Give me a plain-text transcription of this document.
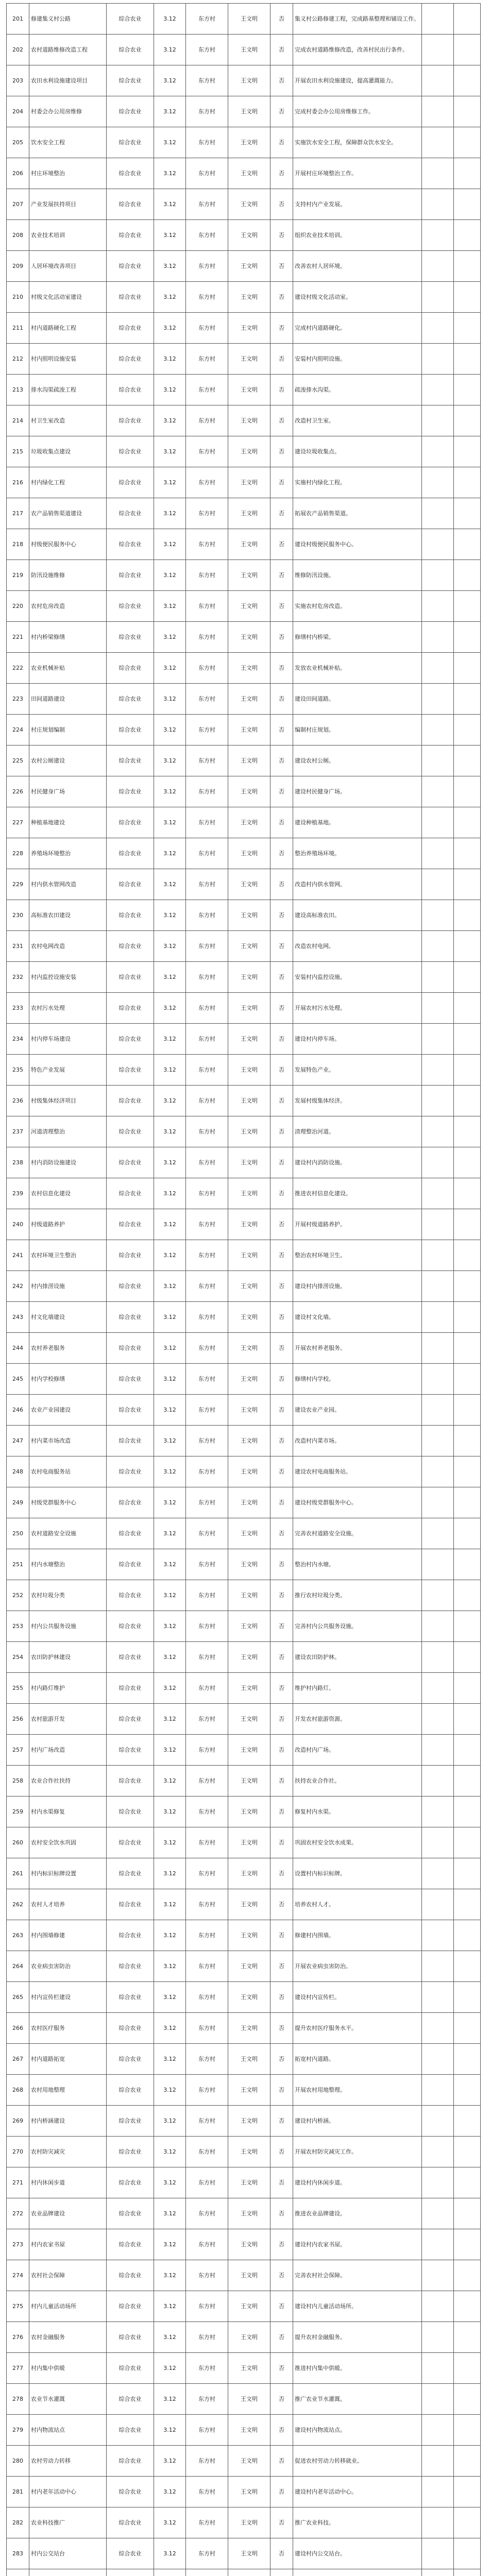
201	修建集义村公路	综合农业	3.12	东方村	王文明	否	集义村公路修建工程，完成路基整理和铺设工作。		
202	农村道路维修改造工程	综合农业	3.12	东方村	王文明	否	完成农村道路维修改造，改善村民出行条件。		
203	农田水利设施建设项目	综合农业	3.12	东方村	王文明	否	开展农田水利设施建设，提高灌溉能力。		
204	村委会办公用房维修	综合农业	3.12	东方村	王文明	否	完成村委会办公用房维修工作。		
205	饮水安全工程	综合农业	3.12	东方村	王文明	否	实施饮水安全工程，保障群众饮水安全。		
206	村庄环境整治	综合农业	3.12	东方村	王文明	否	开展村庄环境整治工作。		
207	产业发展扶持项目	综合农业	3.12	东方村	王文明	否	支持村内产业发展。		
208	农业技术培训	综合农业	3.12	东方村	王文明	否	组织农业技术培训。		
209	人居环境改善项目	综合农业	3.12	东方村	王文明	否	改善农村人居环境。		
210	村级文化活动室建设	综合农业	3.12	东方村	王文明	否	建设村级文化活动室。		
211	村内道路硬化工程	综合农业	3.12	东方村	王文明	否	完成村内道路硬化。		
212	村内照明设施安装	综合农业	3.12	东方村	王文明	否	安装村内照明设施。		
213	排水沟渠疏浚工程	综合农业	3.12	东方村	王文明	否	疏浚排水沟渠。		
214	村卫生室改造	综合农业	3.12	东方村	王文明	否	改造村卫生室。		
215	垃圾收集点建设	综合农业	3.12	东方村	王文明	否	建设垃圾收集点。		
216	村内绿化工程	综合农业	3.12	东方村	王文明	否	实施村内绿化工程。		
217	农产品销售渠道建设	综合农业	3.12	东方村	王文明	否	拓展农产品销售渠道。		
218	村级便民服务中心	综合农业	3.12	东方村	王文明	否	建设村级便民服务中心。		
219	防汛设施维修	综合农业	3.12	东方村	王文明	否	维修防汛设施。		
220	农村危房改造	综合农业	3.12	东方村	王文明	否	实施农村危房改造。		
221	村内桥梁修缮	综合农业	3.12	东方村	王文明	否	修缮村内桥梁。		
222	农业机械补贴	综合农业	3.12	东方村	王文明	否	发放农业机械补贴。		
223	田间道路建设	综合农业	3.12	东方村	王文明	否	建设田间道路。		
224	村庄规划编制	综合农业	3.12	东方村	王文明	否	编制村庄规划。		
225	农村公厕建设	综合农业	3.12	东方村	王文明	否	建设农村公厕。		
226	村民健身广场	综合农业	3.12	东方村	王文明	否	建设村民健身广场。		
227	种植基地建设	综合农业	3.12	东方村	王文明	否	建设种植基地。		
228	养殖场环境整治	综合农业	3.12	东方村	王文明	否	整治养殖场环境。		
229	村内供水管网改造	综合农业	3.12	东方村	王文明	否	改造村内供水管网。		
230	高标准农田建设	综合农业	3.12	东方村	王文明	否	建设高标准农田。		
231	农村电网改造	综合农业	3.12	东方村	王文明	否	改造农村电网。		
232	村内监控设施安装	综合农业	3.12	东方村	王文明	否	安装村内监控设施。		
233	农村污水处理	综合农业	3.12	东方村	王文明	否	开展农村污水处理。		
234	村内停车场建设	综合农业	3.12	东方村	王文明	否	建设村内停车场。		
235	特色产业发展	综合农业	3.12	东方村	王文明	否	发展特色产业。		
236	村级集体经济项目	综合农业	3.12	东方村	王文明	否	发展村级集体经济。		
237	河道清理整治	综合农业	3.12	东方村	王文明	否	清理整治河道。		
238	村内消防设施建设	综合农业	3.12	东方村	王文明	否	建设村内消防设施。		
239	农村信息化建设	综合农业	3.12	东方村	王文明	否	推进农村信息化建设。		
240	村级道路养护	综合农业	3.12	东方村	王文明	否	开展村级道路养护。		
241	农村环境卫生整治	综合农业	3.12	东方村	王文明	否	整治农村环境卫生。		
242	村内排涝设施	综合农业	3.12	东方村	王文明	否	建设村内排涝设施。		
243	村文化墙建设	综合农业	3.12	东方村	王文明	否	建设村文化墙。		
244	农村养老服务	综合农业	3.12	东方村	王文明	否	开展农村养老服务。		
245	村内学校修缮	综合农业	3.12	东方村	王文明	否	修缮村内学校。		
246	农业产业园建设	综合农业	3.12	东方村	王文明	否	建设农业产业园。		
247	村内菜市场改造	综合农业	3.12	东方村	王文明	否	改造村内菜市场。		
248	农村电商服务站	综合农业	3.12	东方村	王文明	否	建设农村电商服务站。		
249	村级党群服务中心	综合农业	3.12	东方村	王文明	否	建设村级党群服务中心。		
250	农村道路安全设施	综合农业	3.12	东方村	王文明	否	完善农村道路安全设施。		
251	村内水塘整治	综合农业	3.12	东方村	王文明	否	整治村内水塘。		
252	农村垃圾分类	综合农业	3.12	东方村	王文明	否	推行农村垃圾分类。		
253	村内公共服务设施	综合农业	3.12	东方村	王文明	否	完善村内公共服务设施。		
254	农田防护林建设	综合农业	3.12	东方村	王文明	否	建设农田防护林。		
255	村内路灯维护	综合农业	3.12	东方村	王文明	否	维护村内路灯。		
256	农村旅游开发	综合农业	3.12	东方村	王文明	否	开发农村旅游资源。		
257	村内广场改造	综合农业	3.12	东方村	王文明	否	改造村内广场。		
258	农业合作社扶持	综合农业	3.12	东方村	王文明	否	扶持农业合作社。		
259	村内水渠修复	综合农业	3.12	东方村	王文明	否	修复村内水渠。		
260	农村安全饮水巩固	综合农业	3.12	东方村	王文明	否	巩固农村安全饮水成果。		
261	村内标识标牌设置	综合农业	3.12	东方村	王文明	否	设置村内标识标牌。		
262	农村人才培养	综合农业	3.12	东方村	王文明	否	培养农村人才。		
263	村内围墙修建	综合农业	3.12	东方村	王文明	否	修建村内围墙。		
264	农业病虫害防治	综合农业	3.12	东方村	王文明	否	开展农业病虫害防治。		
265	村内宣传栏建设	综合农业	3.12	东方村	王文明	否	建设村内宣传栏。		
266	农村医疗服务	综合农业	3.12	东方村	王文明	否	提升农村医疗服务水平。		
267	村内道路拓宽	综合农业	3.12	东方村	王文明	否	拓宽村内道路。		
268	农村用地整理	综合农业	3.12	东方村	王文明	否	开展农村用地整理。		
269	村内桥涵建设	综合农业	3.12	东方村	王文明	否	建设村内桥涵。		
270	农村防灾减灾	综合农业	3.12	东方村	王文明	否	开展农村防灾减灾工作。		
271	村内休闲步道	综合农业	3.12	东方村	王文明	否	建设村内休闲步道。		
272	农业品牌建设	综合农业	3.12	东方村	王文明	否	推进农业品牌建设。		
273	村内农家书屋	综合农业	3.12	东方村	王文明	否	建设村内农家书屋。		
274	农村社会保障	综合农业	3.12	东方村	王文明	否	完善农村社会保障。		
275	村内儿童活动场所	综合农业	3.12	东方村	王文明	否	建设村内儿童活动场所。		
276	农村金融服务	综合农业	3.12	东方村	王文明	否	提升农村金融服务。		
277	村内集中供暖	综合农业	3.12	东方村	王文明	否	推进村内集中供暖。		
278	农业节水灌溉	综合农业	3.12	东方村	王文明	否	推广农业节水灌溉。		
279	村内物流站点	综合农业	3.12	东方村	王文明	否	建设村内物流站点。		
280	农村劳动力转移	综合农业	3.12	东方村	王文明	否	促进农村劳动力转移就业。		
281	村内老年活动中心	综合农业	3.12	东方村	王文明	否	建设村内老年活动中心。		
282	农业科技推广	综合农业	3.12	东方村	王文明	否	推广农业科技。		
283	村内公交站台	综合农业	3.12	东方村	王文明	否	建设村内公交站台。		
